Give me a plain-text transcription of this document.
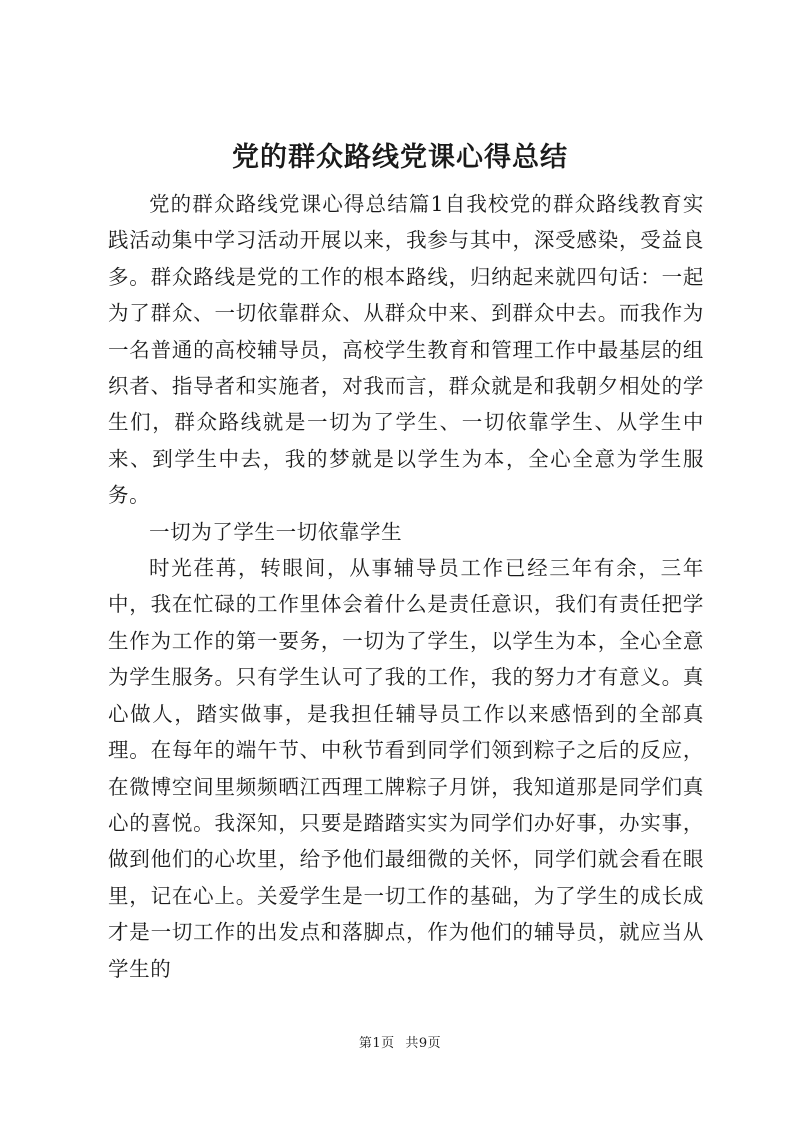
党的群众路线党课心得总结

党的群众路线党课心得总结篇1自我校党的群众路线教育实践活动集中学习活动开展以来，我参与其中，深受感染，受益良多。群众路线是党的工作的根本路线，归纳起来就四句话：一起为了群众、一切依靠群众、从群众中来、到群众中去。而我作为一名普通的高校辅导员，高校学生教育和管理工作中最基层的组织者、指导者和实施者，对我而言，群众就是和我朝夕相处的学生们，群众路线就是一切为了学生、一切依靠学生、从学生中来、到学生中去，我的梦就是以学生为本，全心全意为学生服务。

一切为了学生一切依靠学生

时光荏苒，转眼间，从事辅导员工作已经三年有余，三年中，我在忙碌的工作里体会着什么是责任意识，我们有责任把学生作为工作的第一要务，一切为了学生，以学生为本，全心全意为学生服务。只有学生认可了我的工作，我的努力才有意义。真心做人，踏实做事，是我担任辅导员工作以来感悟到的全部真理。在每年的端午节、中秋节看到同学们领到粽子之后的反应，在微博空间里频频晒江西理工牌粽子月饼，我知道那是同学们真心的喜悦。我深知，只要是踏踏实实为同学们办好事，办实事，做到他们的心坎里，给予他们最细微的关怀，同学们就会看在眼里，记在心上。关爱学生是一切工作的基础，为了学生的成长成才是一切工作的出发点和落脚点，作为他们的辅导员，就应当从学生的

第1页 共9页
